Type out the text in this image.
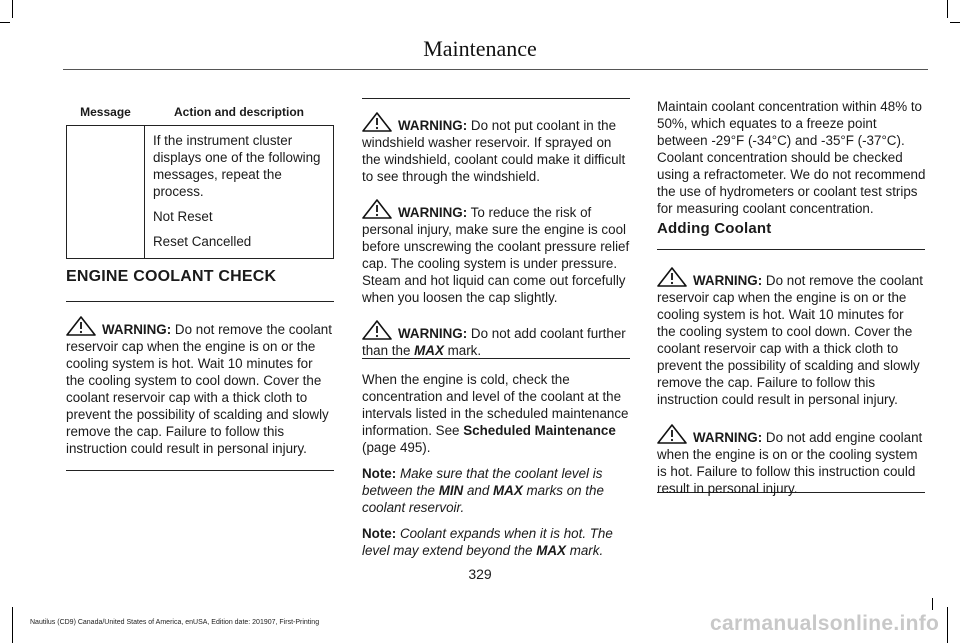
Maintenance
Message	Action and description

	If the instrument cluster displays one of the following messages, repeat the process.

Not Reset

Reset Cancelled

ENGINE COOLANT CHECK
WARNING: Do not remove the coolant reservoir cap when the engine is on or the cooling system is hot. Wait 10 minutes for the cooling system to cool down. Cover the coolant reservoir cap with a thick cloth to prevent the possibility of scalding and slowly remove the cap. Failure to follow this instruction could result in personal injury.

WARNING: Do not put coolant in the windshield washer reservoir. If sprayed on the windshield, coolant could make it difficult to see through the windshield.

WARNING: To reduce the risk of personal injury, make sure the engine is cool before unscrewing the coolant pressure relief cap. The cooling system is under pressure. Steam and hot liquid can come out forcefully when you loosen the cap slightly.

WARNING: Do not add coolant further than the MAX mark.

When the engine is cold, check the concentration and level of the coolant at the intervals listed in the scheduled maintenance information. See Scheduled Maintenance (page 495).

Note: Make sure that the coolant level is between the MIN and MAX marks on the coolant reservoir.

Note: Coolant expands when it is hot. The level may extend beyond the MAX mark.

Maintain coolant concentration within 48% to 50%, which equates to a freeze point between -29°F (-34°C) and -35°F (-37°C). Coolant concentration should be checked using a refractometer. We do not recommend the use of hydrometers or coolant test strips for measuring coolant concentration.
Adding Coolant

WARNING: Do not remove the coolant reservoir cap when the engine is on or the cooling system is hot. Wait 10 minutes for the cooling system to cool down. Cover the coolant reservoir cap with a thick cloth to prevent the possibility of scalding and slowly remove the cap. Failure to follow this instruction could result in personal injury.

WARNING: Do not add engine coolant when the engine is on or the cooling system is hot. Failure to follow this instruction could result in personal injury.

329
Nautilus (CD9) Canada/United States of America, enUSA, Edition date: 201907, First-Printing	carmanualsonline.info
